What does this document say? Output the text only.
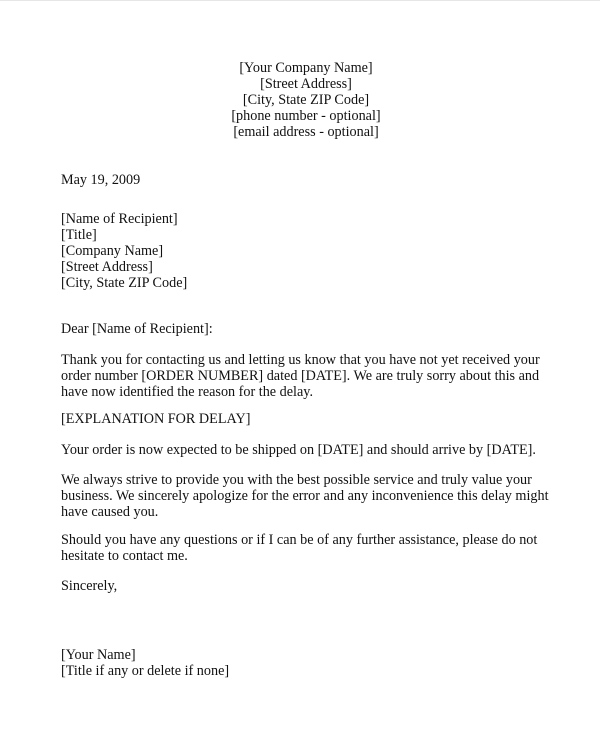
[Your Company Name]
[Street Address]
[City, State ZIP Code]
[phone number - optional]
[email address - optional]
May 19, 2009
[Name of Recipient]
[Title]
[Company Name]
[Street Address]
[City, State ZIP Code]
Dear [Name of Recipient]:
Thank you for contacting us and letting us know that you have not yet received your
order number [ORDER NUMBER] dated [DATE]. We are truly sorry about this and
have now identified the reason for the delay.
[EXPLANATION FOR DELAY]
Your order is now expected to be shipped on [DATE] and should arrive by [DATE].
We always strive to provide you with the best possible service and truly value your
business. We sincerely apologize for the error and any inconvenience this delay might
have caused you.
Should you have any questions or if I can be of any further assistance, please do not
hesitate to contact me.
Sincerely,
[Your Name]
[Title if any or delete if none]
